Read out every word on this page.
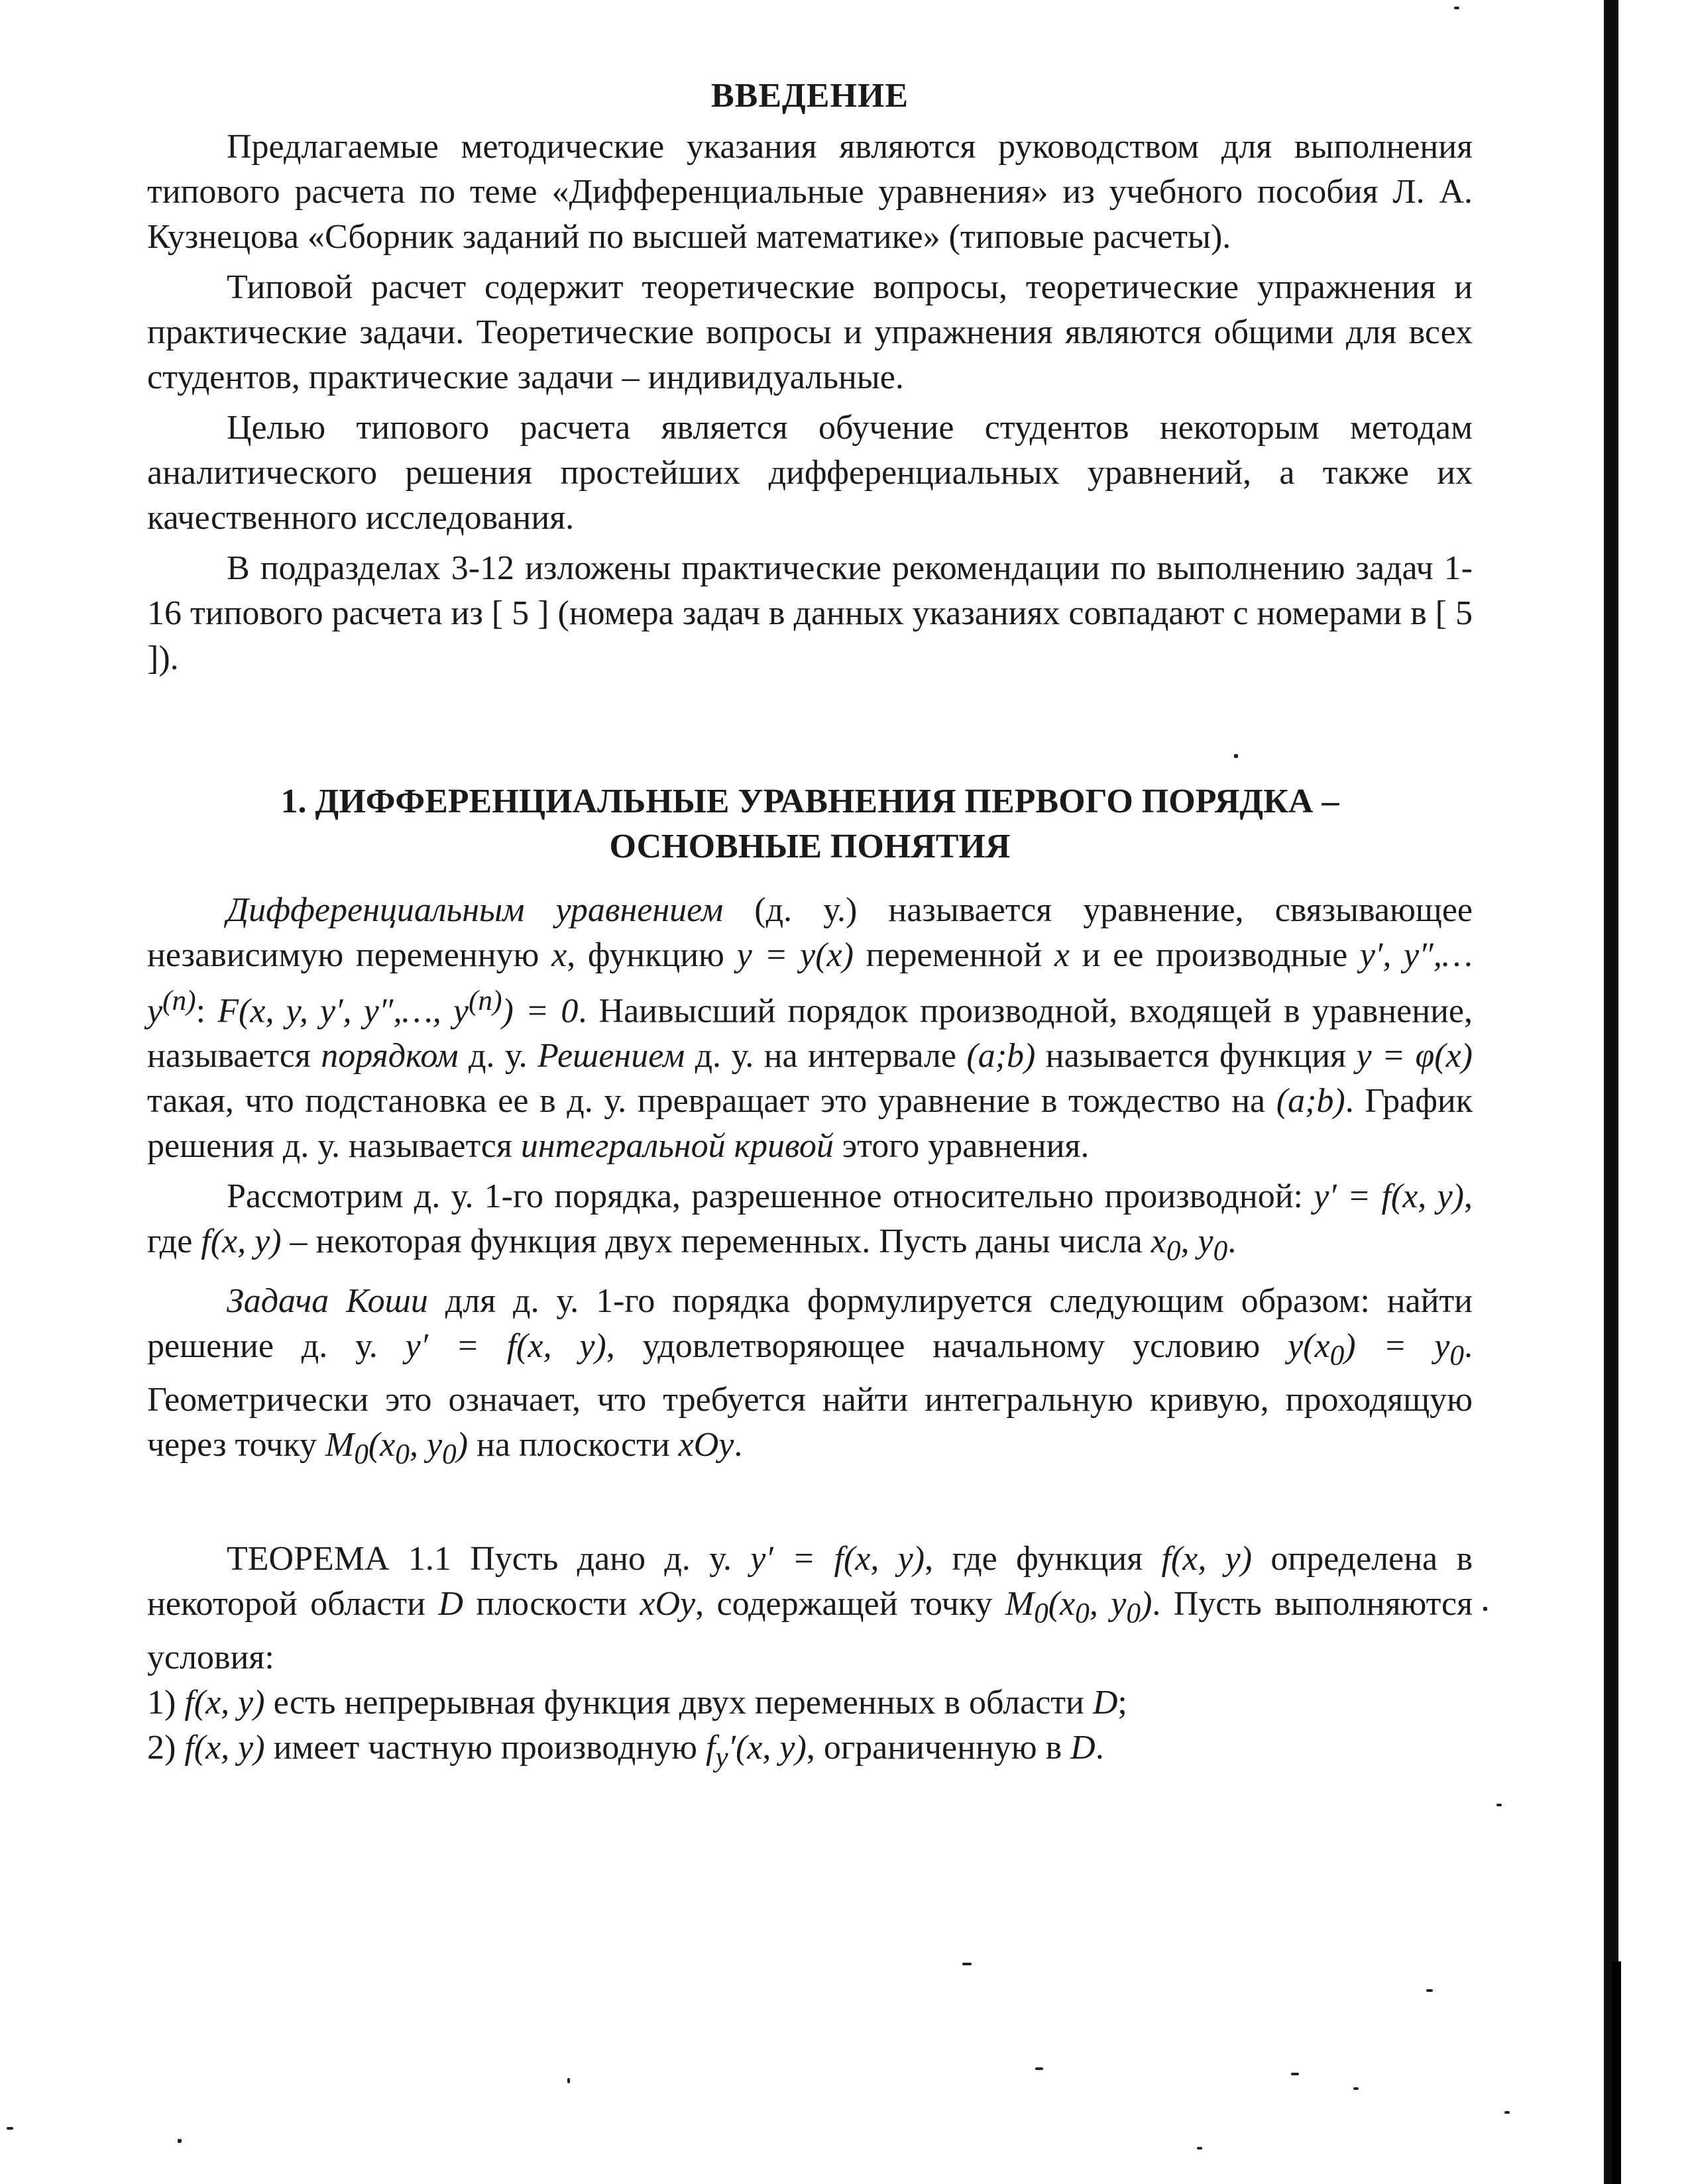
ВВЕДЕНИЕ

Предлагаемые методические указания являются руководством для выполнения типового расчета по теме «Дифференциальные уравнения» из учебного пособия Л. А. Кузнецова «Сборник заданий по высшей математике» (типовые расчеты).

Типовой расчет содержит теоретические вопросы, теоретические упражнения и практические задачи. Теоретические вопросы и упражнения являются общими для всех студентов, практические задачи – индивидуальные.

Целью типового расчета является обучение студентов некоторым методам аналитического решения простейших дифференциальных уравнений, а также их качественного исследования.

В подразделах 3-12 изложены практические рекомендации по выполнению задач 1-16 типового расчета из [ 5 ] (номера задач в данных указаниях совпадают с номерами в [ 5 ]).

1. ДИФФЕРЕНЦИАЛЬНЫЕ УРАВНЕНИЯ ПЕРВОГО ПОРЯДКА –
ОСНОВНЫЕ ПОНЯТИЯ

Дифференциальным уравнением (д. у.) называется уравнение, связывающее независимую переменную x, функцию y = y(x) переменной x и ее производные y′, y″,… $y^{(n)}$: F(x, y, y′, y″,…, $y^{(n)}) = 0$. Наивысший порядок производной, входящей в уравнение, называется порядком д. у. Решением д. у. на интервале (a;b) называется функция y = φ(x) такая, что подстановка ее в д. у. превращает это уравнение в тождество на (a;b). График решения д. у. называется интегральной кривой этого уравнения.

Рассмотрим д. у. 1-го порядка, разрешенное относительно производной: y′ = f(x, y), где f(x, y) – некоторая функция двух переменных. Пусть даны числа $x_0$, $y_0$.

Задача Коши для д. у. 1-го порядка формулируется следующим образом: найти решение д. у. y′ = f(x, y), удовлетворяющее начальному условию $y(x_0) = y_0$. Геометрически это означает, что требуется найти интегральную кривую, проходящую через точку $M_0(x_0$, $y_0$) на плоскости xOy.

ТЕОРЕМА 1.1 Пусть дано д. у. y′ = f(x, y), где функция f(x, y) определена в некоторой области D плоскости xOy, содержащей точку $M_0(x_0$, $y_0$). Пусть выполняются условия:

1) f(x, y) есть непрерывная функция двух переменных в области D;

2) f(x, y) имеет частную производную $f_y'(x$, y), ограниченную в D.
